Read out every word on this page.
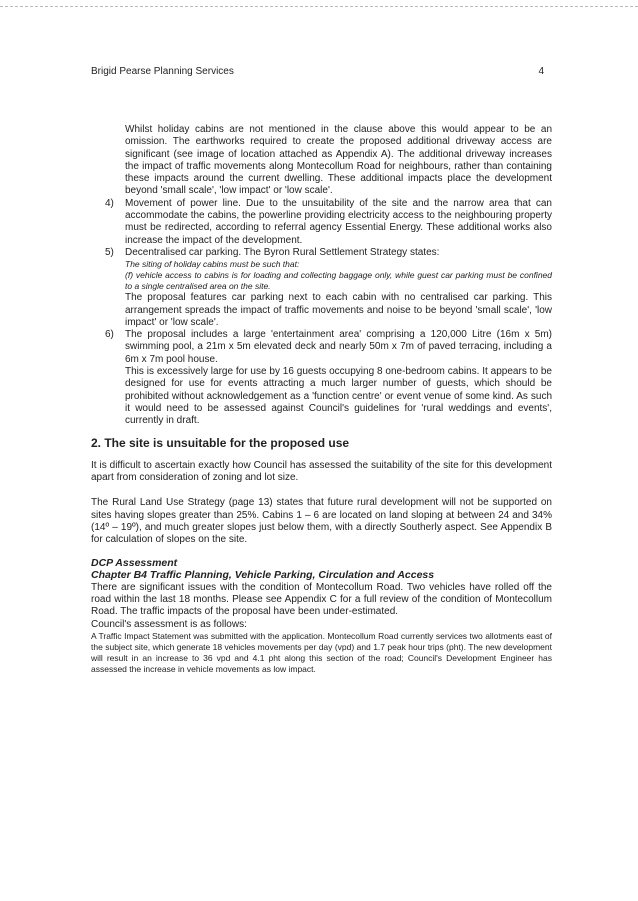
Brigid Pearse Planning Services	4

Whilst holiday cabins are not mentioned in the clause above this would appear to be an omission. The earthworks required to create the proposed additional driveway access are significant (see image of location attached as Appendix A). The additional driveway increases the impact of traffic movements along Montecollum Road for neighbours, rather than containing these impacts around the current dwelling. These additional impacts place the development beyond 'small scale', 'low impact' or 'low scale'.

4) Movement of power line. Due to the unsuitability of the site and the narrow area that can accommodate the cabins, the powerline providing electricity access to the neighbouring property must be redirected, according to referral agency Essential Energy. These additional works also increase the impact of the development.

5) Decentralised car parking. The Byron Rural Settlement Strategy states:

The siting of holiday cabins must be such that:

(f) vehicle access to cabins is for loading and collecting baggage only, while guest car parking must be confined to a single centralised area on the site.

The proposal features car parking next to each cabin with no centralised car parking. This arrangement spreads the impact of traffic movements and noise to be beyond 'small scale', 'low impact' or 'low scale'.

6) The proposal includes a large 'entertainment area' comprising a 120,000 Litre (16m x 5m) swimming pool, a 21m x 5m elevated deck and nearly 50m x 7m of paved terracing, including a 6m x 7m pool house.

This is excessively large for use by 16 guests occupying 8 one-bedroom cabins. It appears to be designed for use for events attracting a much larger number of guests, which should be prohibited without acknowledgement as a 'function centre' or event venue of some kind. As such it would need to be assessed against Council's guidelines for 'rural weddings and events', currently in draft.

2. The site is unsuitable for the proposed use

It is difficult to ascertain exactly how Council has assessed the suitability of the site for this development apart from consideration of zoning and lot size.

The Rural Land Use Strategy (page 13) states that future rural development will not be supported on sites having slopes greater than 25%. Cabins 1 – 6 are located on land sloping at between 24 and 34% (14º – 19º), and much greater slopes just below them, with a directly Southerly aspect. See Appendix B for calculation of slopes on the site.

DCP Assessment
Chapter B4 Traffic Planning, Vehicle Parking, Circulation and Access

There are significant issues with the condition of Montecollum Road. Two vehicles have rolled off the road within the last 18 months. Please see Appendix C for a full review of the condition of Montecollum Road. The traffic impacts of the proposal have been under-estimated.

Council's assessment is as follows:

A Traffic Impact Statement was submitted with the application. Montecollum Road currently services two allotments east of the subject site, which generate 18 vehicles movements per day (vpd) and 1.7 peak hour trips (pht). The new development will result in an increase to 36 vpd and 4.1 pht along this section of the road; Council's Development Engineer has assessed the increase in vehicle movements as low impact.
